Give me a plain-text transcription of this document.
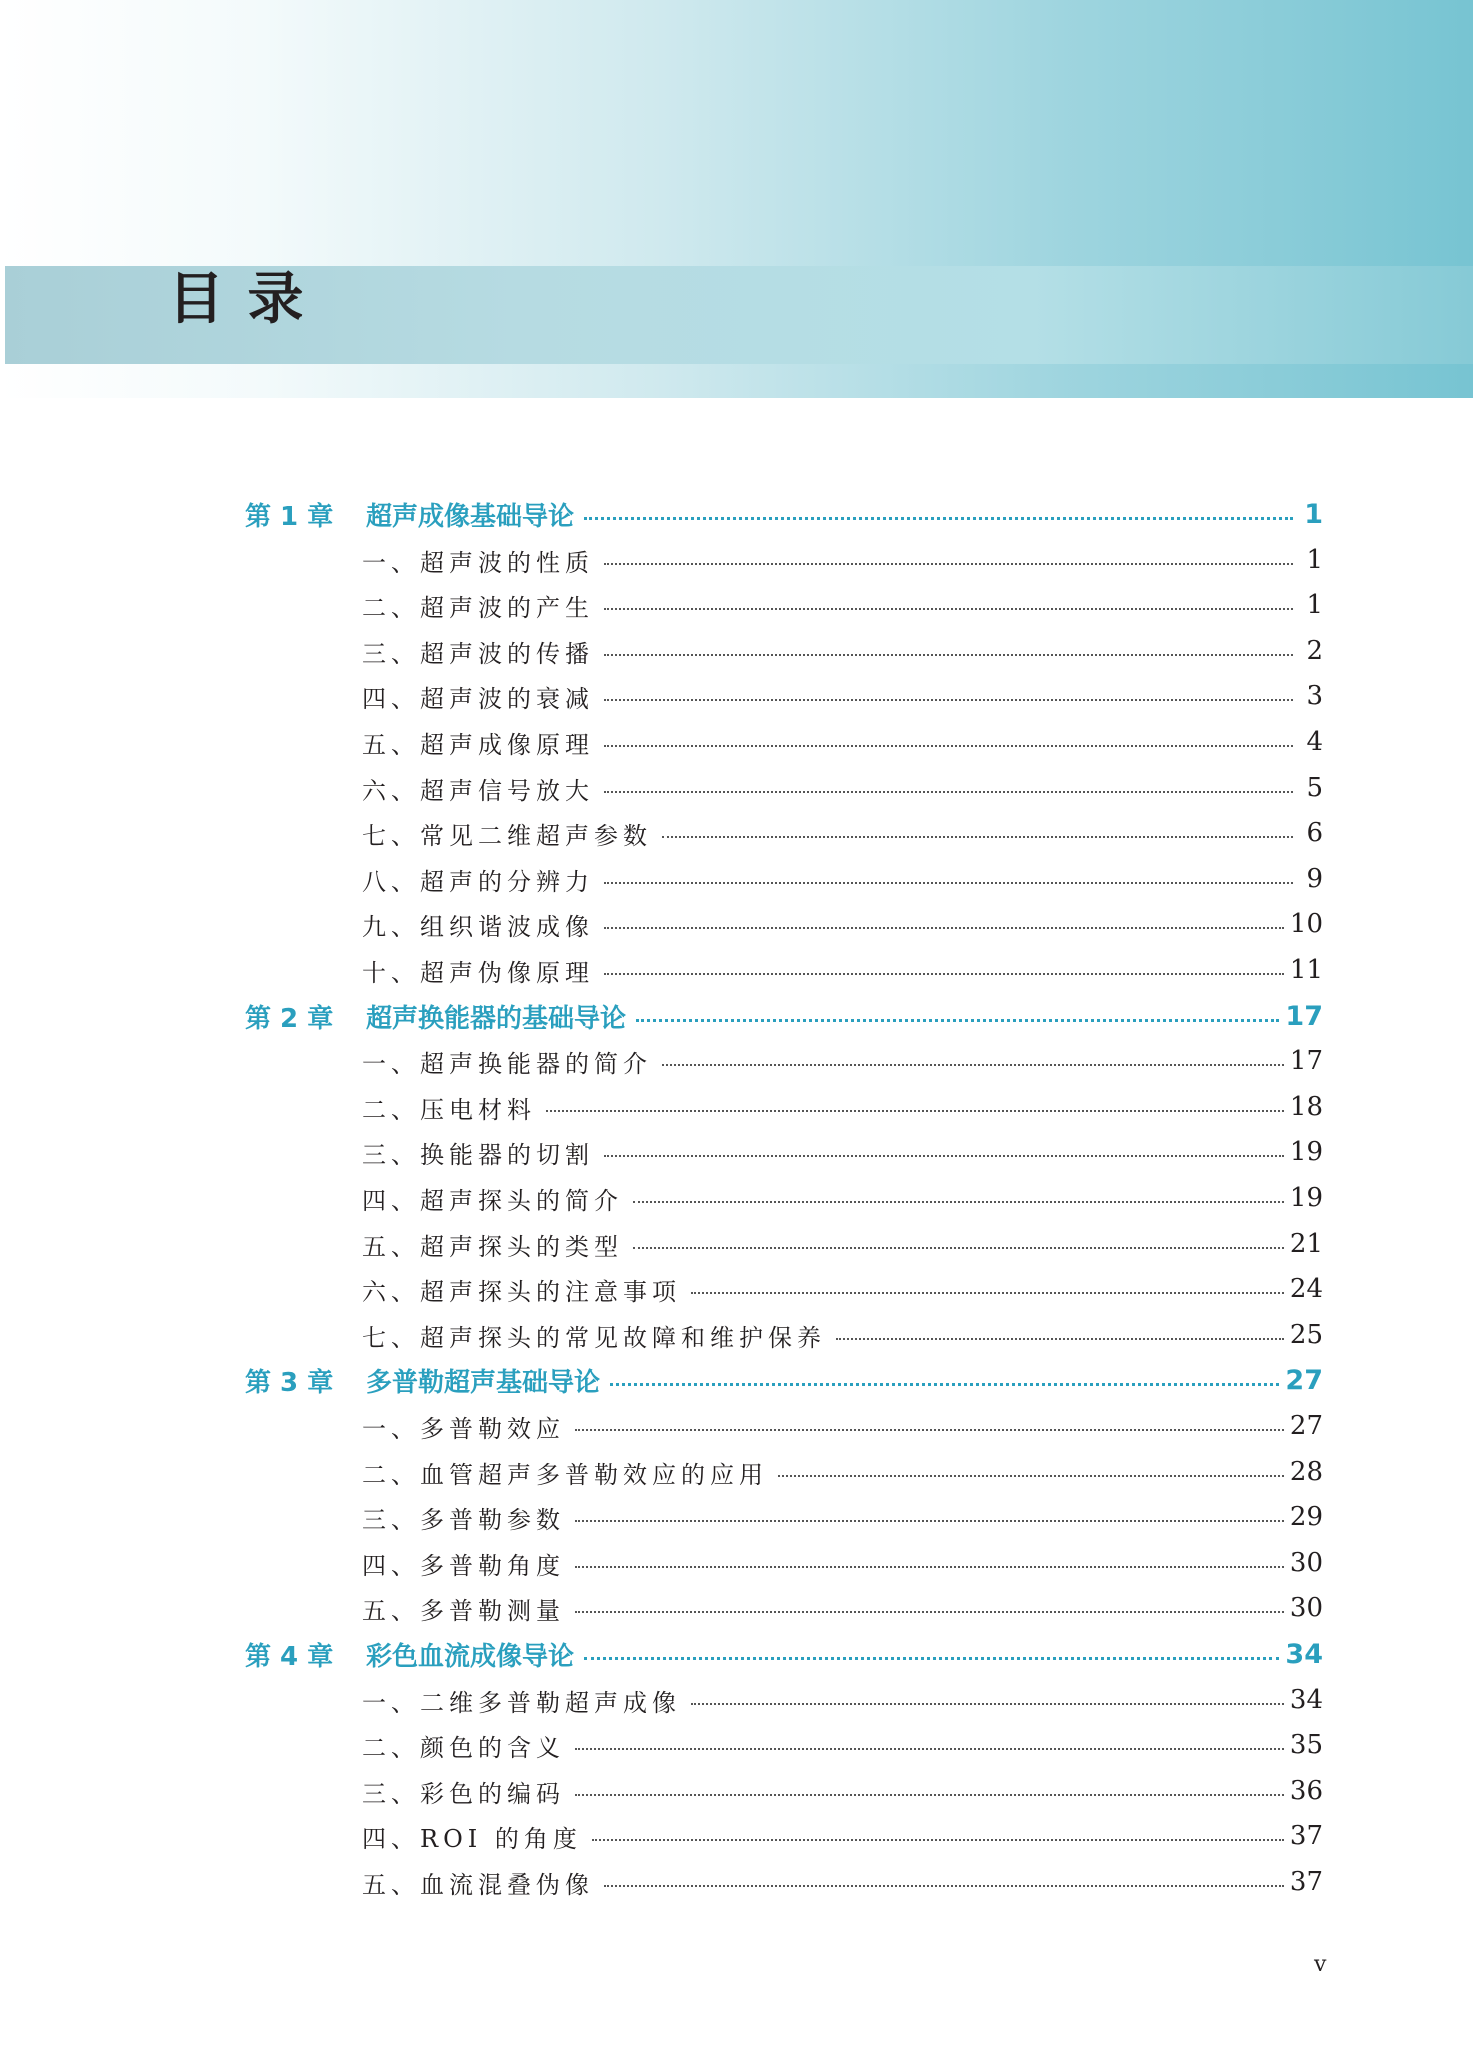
目 录
第 1 章	超声成像基础导论	1
一、超声波的性质	1
二、超声波的产生	1
三、超声波的传播	2
四、超声波的衰减	3
五、超声成像原理	4
六、超声信号放大	5
七、常见二维超声参数	6
八、超声的分辨力	9
九、组织谐波成像	10
十、超声伪像原理	11
第 2 章	超声换能器的基础导论	17
一、超声换能器的简介	17
二、压电材料	18
三、换能器的切割	19
四、超声探头的简介	19
五、超声探头的类型	21
六、超声探头的注意事项	24
七、超声探头的常见故障和维护保养	25
第 3 章	多普勒超声基础导论	27
一、多普勒效应	27
二、血管超声多普勒效应的应用	28
三、多普勒参数	29
四、多普勒角度	30
五、多普勒测量	30
第 4 章	彩色血流成像导论	34
一、二维多普勒超声成像	34
二、颜色的含义	35
三、彩色的编码	36
四、ROI 的角度	37
五、血流混叠伪像	37
v
